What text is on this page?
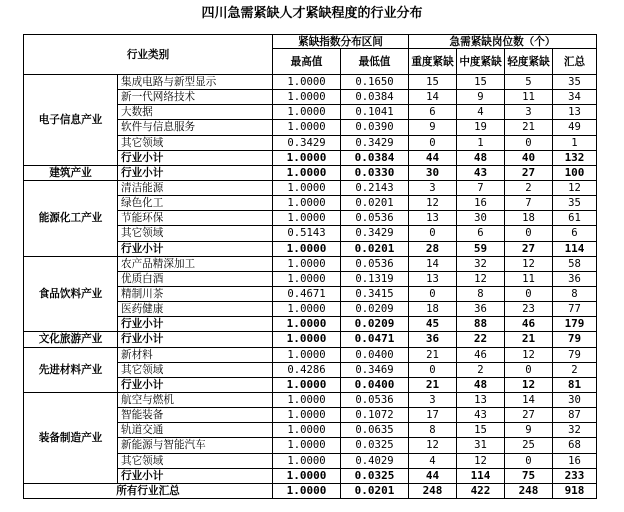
四川急需紧缺人才紧缺程度的行业分布
行业类别		紧缺指数分布区间		急需紧缺岗位数（个）			
		最高值	最低值	重度紧缺	中度紧缺	轻度紧缺	汇总
电子信息产业	集成电路与新型显示	1.0000	0.1650	15	15	5	35
	新一代网络技术	1.0000	0.0384	14	9	11	34
	大数据	1.0000	0.1041	6	4	3	13
	软件与信息服务	1.0000	0.0390	9	19	21	49
	其它领域	0.3429	0.3429	0	1	0	1
	行业小计	1.0000	0.0384	44	48	40	132
建筑产业	行业小计	1.0000	0.0330	30	43	27	100
能源化工产业	清洁能源	1.0000	0.2143	3	7	2	12
	绿色化工	1.0000	0.0201	12	16	7	35
	节能环保	1.0000	0.0536	13	30	18	61
	其它领域	0.5143	0.3429	0	6	0	6
	行业小计	1.0000	0.0201	28	59	27	114
食品饮料产业	农产品精深加工	1.0000	0.0536	14	32	12	58
	优质白酒	1.0000	0.1319	13	12	11	36
	精制川茶	0.4671	0.3415	0	8	0	8
	医药健康	1.0000	0.0209	18	36	23	77
	行业小计	1.0000	0.0209	45	88	46	179
文化旅游产业	行业小计	1.0000	0.0471	36	22	21	79
先进材料产业	新材料	1.0000	0.0400	21	46	12	79
	其它领域	0.4286	0.3469	0	2	0	2
	行业小计	1.0000	0.0400	21	48	12	81
装备制造产业	航空与燃机	1.0000	0.0536	3	13	14	30
	智能装备	1.0000	0.1072	17	43	27	87
	轨道交通	1.0000	0.0635	8	15	9	32
	新能源与智能汽车	1.0000	0.0325	12	31	25	68
	其它领域	1.0000	0.4029	4	12	0	16
	行业小计	1.0000	0.0325	44	114	75	233
所有行业汇总		1.0000	0.0201	248	422	248	918
